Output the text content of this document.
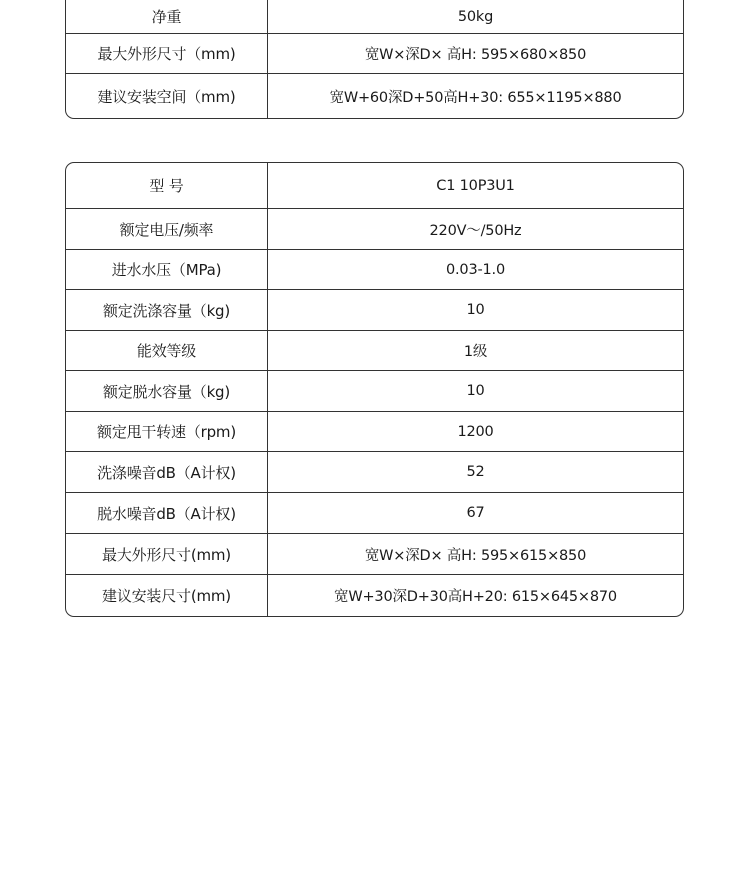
净重	50kg
最大外形尺寸（mm)	宽W×深D× 高H: 595×680×850
建议安装空间（mm)	宽W+60深D+50高H+30: 655×1195×880
型 号	C1 10P3U1
额定电压/频率	220V～/50Hz
进水水压（MPa)	0.03-1.0
额定洗涤容量（kg)	10
能效等级	1级
额定脱水容量（kg)	10
额定甩干转速（rpm)	1200
洗涤噪音dB（A计权)	52
脱水噪音dB（A计权)	67
最大外形尺寸(mm)	宽W×深D× 高H: 595×615×850
建议安装尺寸(mm)	宽W+30深D+30高H+20: 615×645×870
